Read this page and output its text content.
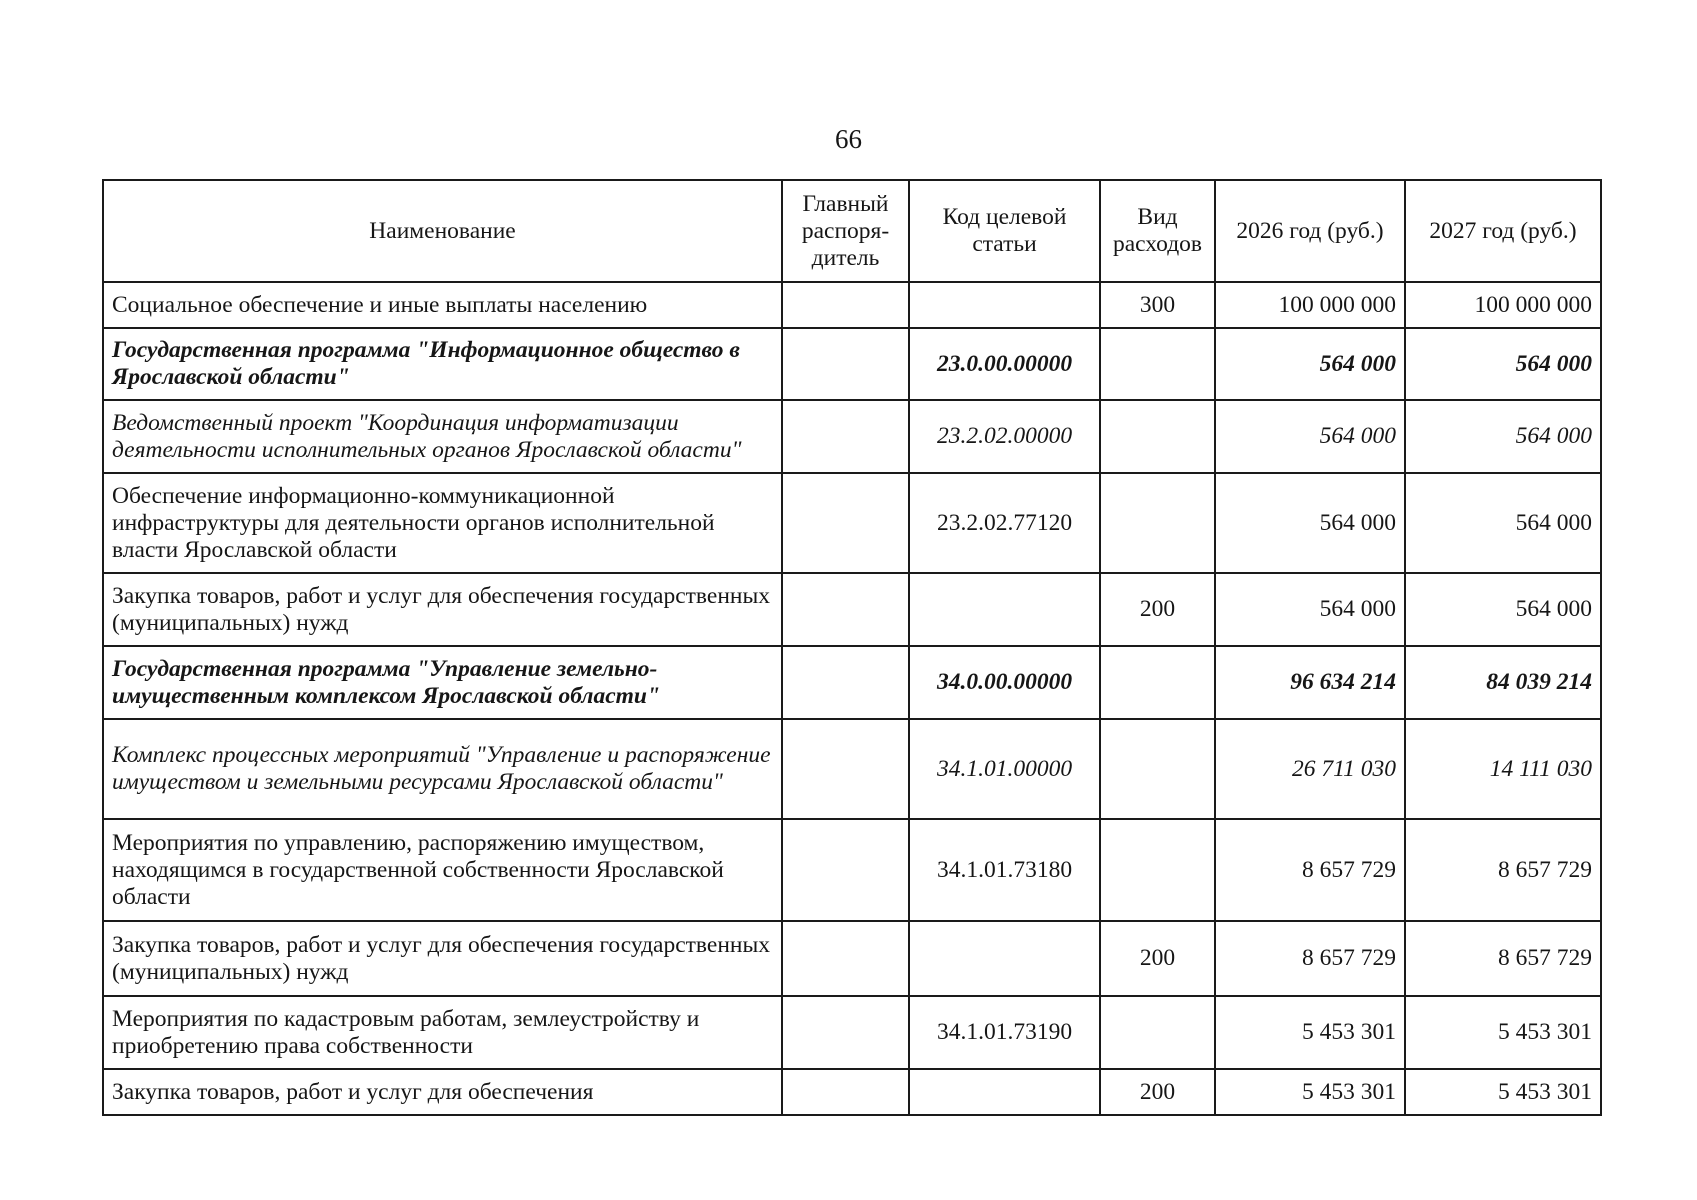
66
Наименование	Главный распоря-дитель	Код целевой статьи	Вид расходов	2026 год (руб.)	2027 год (руб.)
Социальное обеспечение и иные выплаты населению			300	100 000 000	100 000 000
Государственная программа "Информационное общество в Ярославской области"		23.0.00.00000		564 000	564 000
Ведомственный проект "Координация информатизации деятельности исполнительных органов Ярославской области"		23.2.02.00000		564 000	564 000
Обеспечение информационно-коммуникационной инфраструктуры для деятельности органов исполнительной власти Ярославской области		23.2.02.77120		564 000	564 000
Закупка товаров, работ и услуг для обеспечения государственных (муниципальных) нужд			200	564 000	564 000
Государственная программа "Управление земельно-имущественным комплексом Ярославской области"		34.0.00.00000		96 634 214	84 039 214
Комплекс процессных мероприятий "Управление и распоряжение имуществом и земельными ресурсами Ярославской области"		34.1.01.00000		26 711 030	14 111 030
Мероприятия по управлению, распоряжению имуществом, находящимся в государственной собственности Ярославской области		34.1.01.73180		8 657 729	8 657 729
Закупка товаров, работ и услуг для обеспечения государственных (муниципальных) нужд			200	8 657 729	8 657 729
Мероприятия по кадастровым работам, землеустройству и приобретению права собственности		34.1.01.73190		5 453 301	5 453 301
Закупка товаров, работ и услуг для обеспечения			200	5 453 301	5 453 301
